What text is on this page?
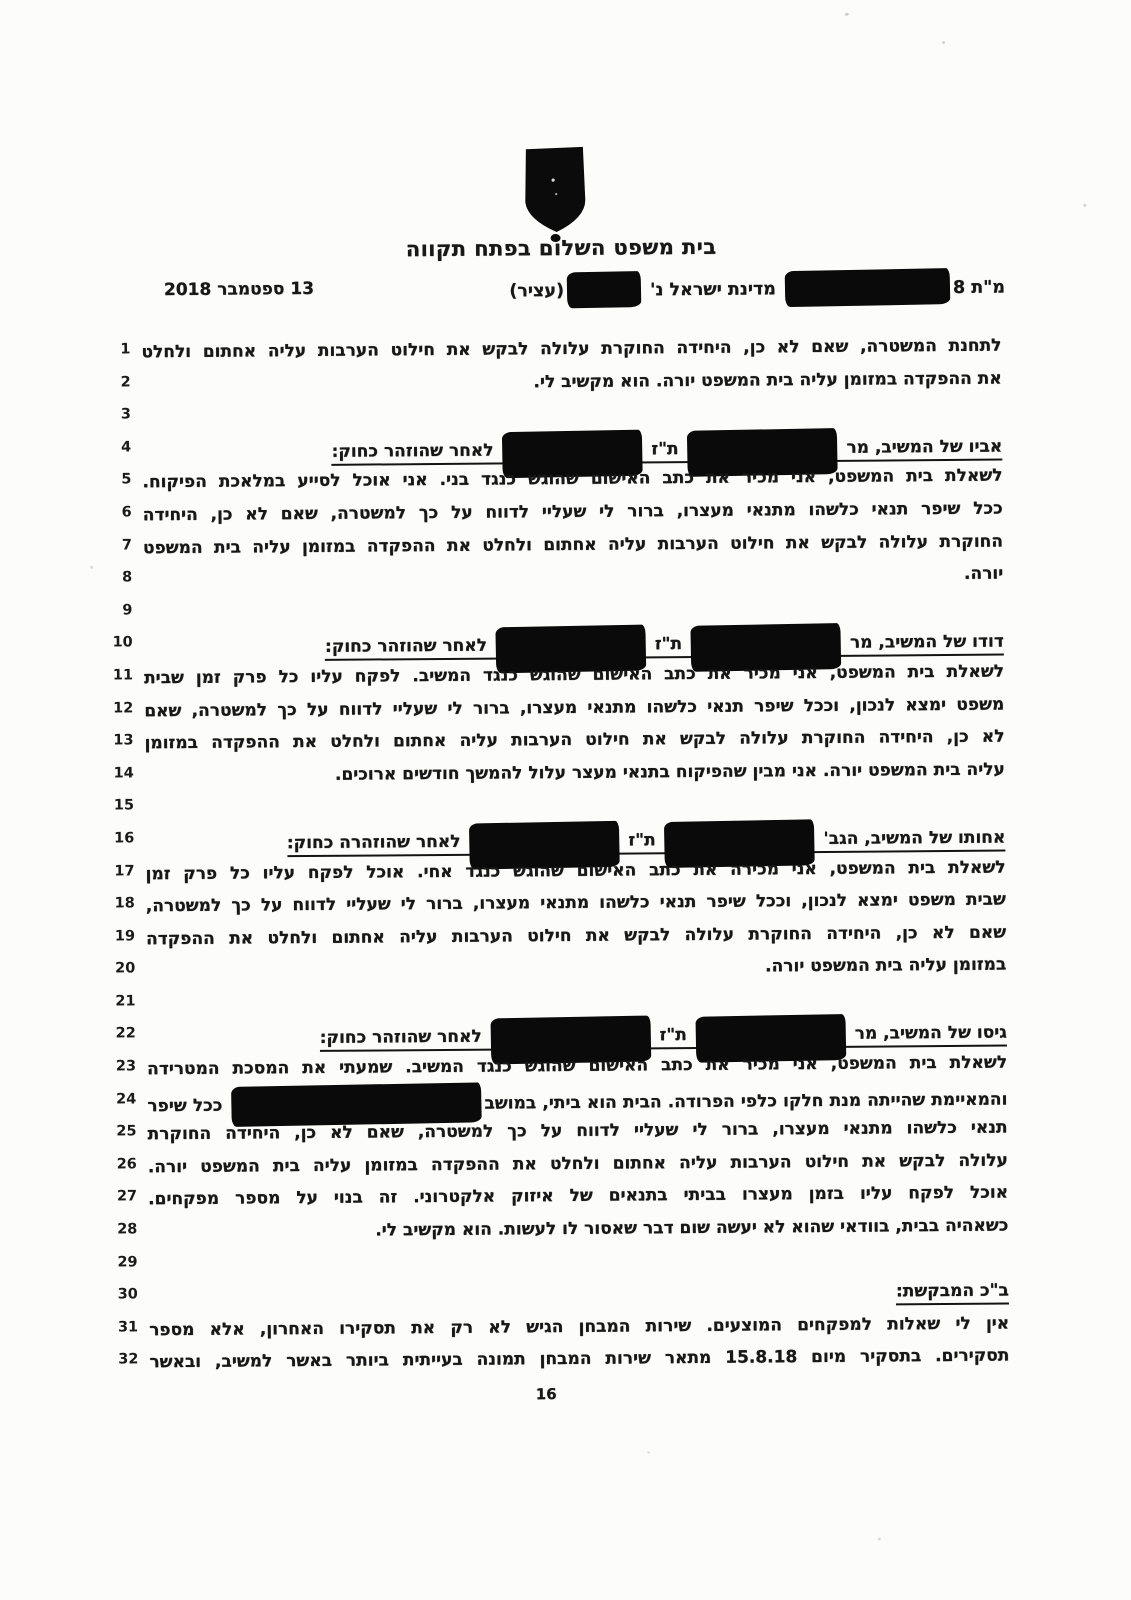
בית משפט השלום בפתח תקווה
מ"ת 8 מדינת ישראל נ' (עציר)
13 ספטמבר 2018
1 לתחנת המשטרה, שאם לא כן, היחידה החוקרת עלולה לבקש את חילוט הערבות עליה אחתום ולחלט
2	את ההפקדה במזומן עליה בית המשפט יורה. הוא מקשיב לי.
3
4	אביו של המשיב, מר  ת"ז  לאחר שהוזהר כחוק:
5 לשאלת בית המשפט, אני מכיר את כתב האישום שהוגש כנגד בני. אני אוכל לסייע במלאכת הפיקוח.
6 ככל שיפר תנאי כלשהו מתנאי מעצרו, ברור לי שעליי לדווח על כך למשטרה, שאם לא כן, היחידה
7 החוקרת עלולה לבקש את חילוט הערבות עליה אחתום ולחלט את ההפקדה במזומן עליה בית המשפט
8	יורה.
9
10	דודו של המשיב, מר  ת"ז  לאחר שהוזהר כחוק:
11 לשאלת בית המשפט, אני מכיר את כתב האישום שהוגש כנגד המשיב. לפקח עליו כל פרק זמן שבית
12 משפט ימצא לנכון, וככל שיפר תנאי כלשהו מתנאי מעצרו, ברור לי שעליי לדווח על כך למשטרה, שאם
13 לא כן, היחידה החוקרת עלולה לבקש את חילוט הערבות עליה אחתום ולחלט את ההפקדה במזומן
14	עליה בית המשפט יורה. אני מבין שהפיקוח בתנאי מעצר עלול להמשך חודשים ארוכים.
15
16	אחותו של המשיב, הגב'  ת"ז  לאחר שהוזהרה כחוק:
17 לשאלת בית המשפט, אני מכירה את כתב האישום שהוגש כנגד אחי. אוכל לפקח עליו כל פרק זמן
18 שבית משפט ימצא לנכון, וככל שיפר תנאי כלשהו מתנאי מעצרו, ברור לי שעליי לדווח על כך למשטרה,
19 שאם לא כן, היחידה החוקרת עלולה לבקש את חילוט הערבות עליה אחתום ולחלט את ההפקדה
20	במזומן עליה בית המשפט יורה.
21
22	גיסו של המשיב, מר  ת"ז  לאחר שהוזהר כחוק:
23 לשאלת בית המשפט, אני מכיר את כתב האישום שהוגש כנגד המשיב. שמעתי את המסכת המטרידה
24	והמאיימת שהייתה מנת חלקו כלפי הפרודה. הבית הוא ביתי, במושב ככל שיפר
25 תנאי כלשהו מתנאי מעצרו, ברור לי שעליי לדווח על כך למשטרה, שאם לא כן, היחידה החוקרת
26 עלולה לבקש את חילוט הערבות עליה אחתום ולחלט את ההפקדה במזומן עליה בית המשפט יורה.
27 אוכל לפקח עליו בזמן מעצרו בביתי בתנאים של איזוק אלקטרוני. זה בנוי על מספר מפקחים.
28	כשאהיה בבית, בוודאי שהוא לא יעשה שום דבר שאסור לו לעשות. הוא מקשיב לי.
29
30	ב"כ המבקשת:
31 אין לי שאלות למפקחים המוצעים. שירות המבחן הגיש לא רק את תסקירו האחרון, אלא מספר
32 תסקירים. בתסקיר מיום 15.8.18 מתאר שירות המבחן תמונה בעייתית ביותר באשר למשיב, ובאשר
16
